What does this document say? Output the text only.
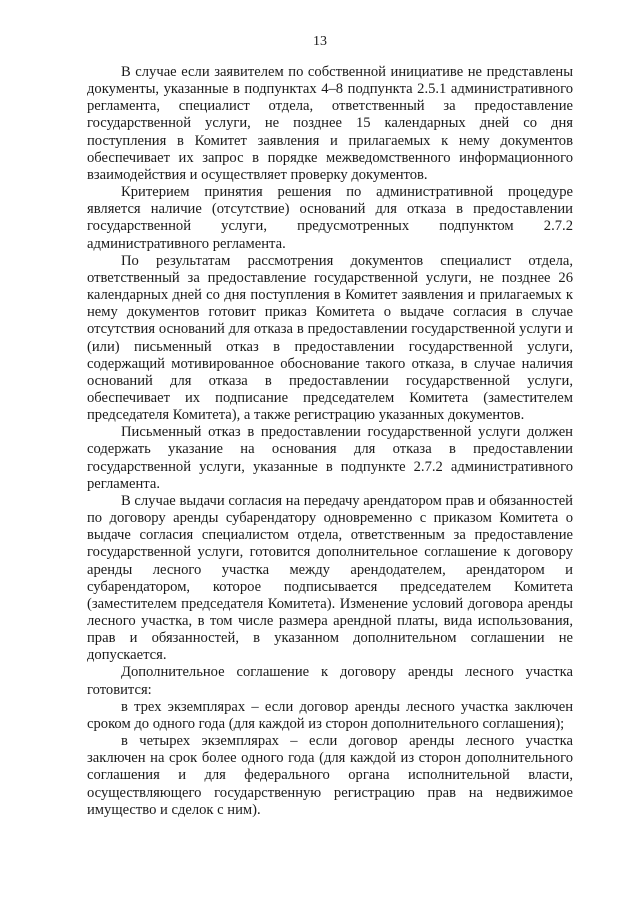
13

В случае если заявителем по собственной инициативе не представлены документы, указанные в подпунктах 4–8 подпункта 2.5.1 административного регламента, специалист отдела, ответственный за предоставление государственной услуги, не позднее 15 календарных дней со дня поступления в Комитет заявления и прилагаемых к нему документов обеспечивает их запрос в порядке межведомственного информационного взаимодействия и осуществляет проверку документов.

Критерием принятия решения по административной процедуре является наличие (отсутствие) оснований для отказа в предоставлении государственной услуги, предусмотренных подпунктом 2.7.2 административного регламента.

По результатам рассмотрения документов специалист отдела, ответственный за предоставление государственной услуги, не позднее 26 календарных дней со дня поступления в Комитет заявления и прилагаемых к нему документов готовит приказ Комитета о выдаче согласия в случае отсутствия оснований для отказа в предоставлении государственной услуги и (или) письменный отказ в предоставлении государственной услуги, содержащий мотивированное обоснование такого отказа, в случае наличия оснований для отказа в предоставлении государственной услуги, обеспечивает их подписание председателем Комитета (заместителем председателя Комитета), а также регистрацию указанных документов.

Письменный отказ в предоставлении государственной услуги должен содержать указание на основания для отказа в предоставлении государственной услуги, указанные в подпункте 2.7.2 административного регламента.

В случае выдачи согласия на передачу арендатором прав и обязанностей по договору аренды субарендатору одновременно с приказом Комитета о выдаче согласия специалистом отдела, ответственным за предоставление государственной услуги, готовится дополнительное соглашение к договору аренды лесного участка между арендодателем, арендатором и субарендатором, которое подписывается председателем Комитета (заместителем председателя Комитета). Изменение условий договора аренды лесного участка, в том числе размера арендной платы, вида использования, прав и обязанностей, в указанном дополнительном соглашении не допускается.

Дополнительное соглашение к договору аренды лесного участка готовится:

в трех экземплярах – если договор аренды лесного участка заключен сроком до одного года (для каждой из сторон дополнительного соглашения);

в четырех экземплярах – если договор аренды лесного участка заключен на срок более одного года (для каждой из сторон дополнительного соглашения и для федерального органа исполнительной власти, осуществляющего государственную регистрацию прав на недвижимое имущество и сделок с ним).
